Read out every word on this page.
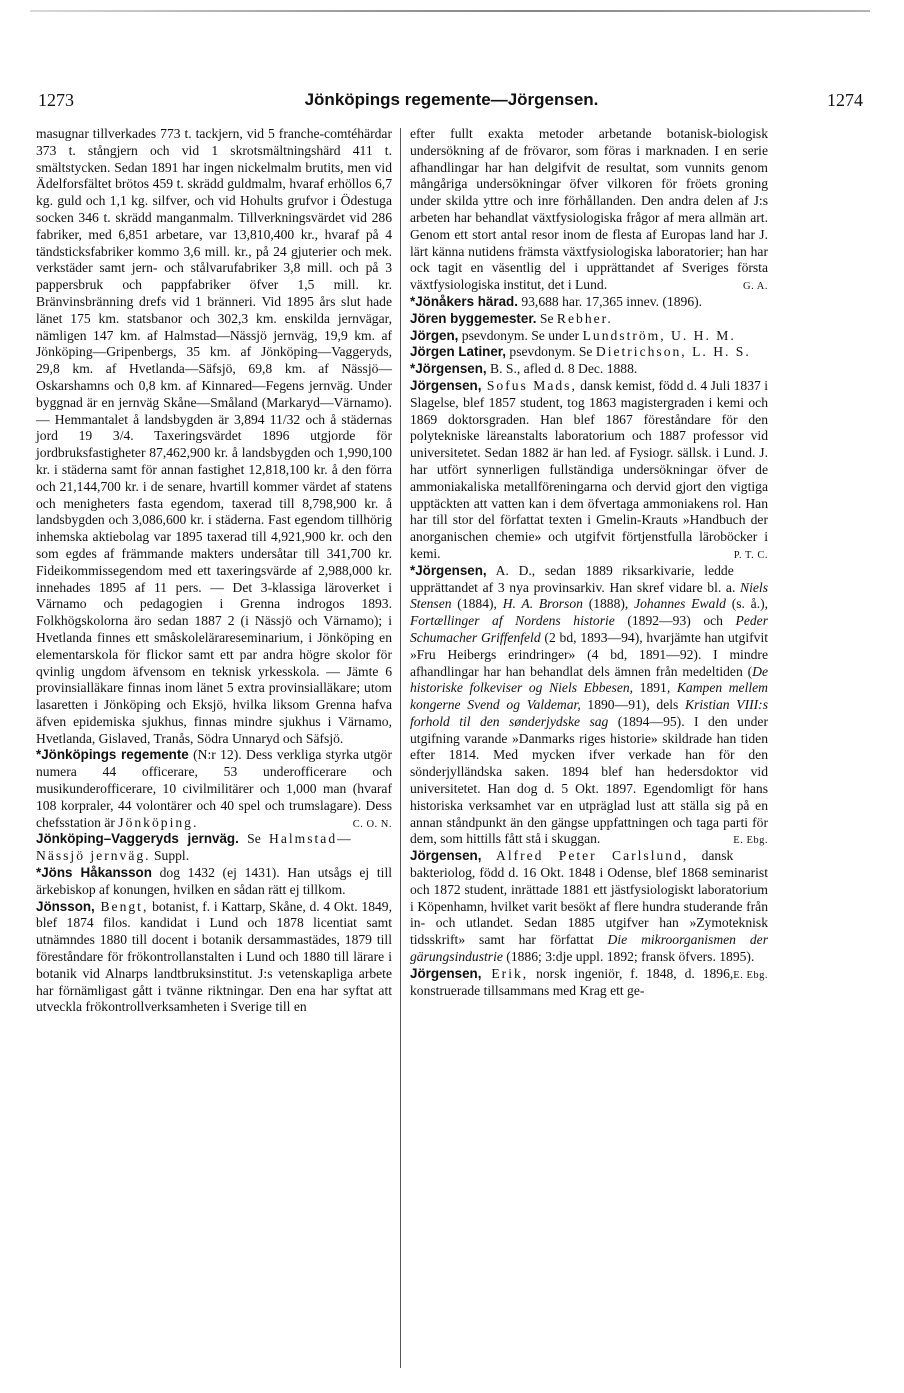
1273	Jönköpings regemente—Jörgensen.	1274

masugnar tillverkades 773 t. tackjern, vid 5 franche-comtéhärdar 373 t. stångjern och vid 1 skrotsmältningshärd 411 t. smältstycken. Sedan 1891 har ingen nickelmalm brutits, men vid Ädelforsfältet brötos 459 t. skrädd guldmalm, hvaraf erhöllos 6,7 kg. guld och 1,1 kg. silfver, och vid Hohults grufvor i Ödestuga socken 346 t. skrädd manganmalm. Tillverkningsvärdet vid 286 fabriker, med 6,851 arbetare, var 13,810,400 kr., hvaraf på 4 tändsticksfabriker kommo 3,6 mill. kr., på 24 gjuterier och mek. verkstäder samt jern- och stålvarufabriker 3,8 mill. och på 3 pappersbruk och pappfabriker öfver 1,5 mill. kr. Bränvinsbränning drefs vid 1 bränneri. Vid 1895 års slut hade länet 175 km. statsbanor och 302,3 km. enskilda jernvägar, nämligen 147 km. af Halmstad—Nässjö jernväg, 19,9 km. af Jönköping—Gripenbergs, 35 km. af Jönköping—Vaggeryds, 29,8 km. af Hvetlanda—Säfsjö, 69,8 km. af Nässjö—Oskarshamns och 0,8 km. af Kinnared—Fegens jernväg. Under byggnad är en jernväg Skåne—Småland (Markaryd—Värnamo). — Hemmantalet å landsbygden är 3,894 11/32 och å städernas jord 19 3/4. Taxeringsvärdet 1896 utgjorde för jordbruksfastigheter 87,462,900 kr. å landsbygden och 1,990,100 kr. i städerna samt för annan fastighet 12,818,100 kr. å den förra och 21,144,700 kr. i de senare, hvartill kommer värdet af statens och menigheters fasta egendom, taxerad till 8,798,900 kr. å landsbygden och 3,086,600 kr. i städerna. Fast egendom tillhörig inhemska aktiebolag var 1895 taxerad till 4,921,900 kr. och den som egdes af främmande makters undersåtar till 341,700 kr. Fideikommissegendom med ett taxeringsvärde af 2,988,000 kr. innehades 1895 af 11 pers. — Det 3-klassiga läroverket i Värnamo och pedagogien i Grenna indrogos 1893. Folkhögskolorna äro sedan 1887 2 (i Nässjö och Värnamo); i Hvetlanda finnes ett småskolelärareseminarium, i Jönköping en elementarskola för flickor samt ett par andra högre skolor för qvinlig ungdom äfvensom en teknisk yrkesskola. — Jämte 6 provinsialläkare finnas inom länet 5 extra provinsialläkare; utom lasaretten i Jönköping och Eksjö, hvilka liksom Grenna hafva äfven epidemiska sjukhus, finnas mindre sjukhus i Värnamo, Hvetlanda, Gislaved, Tranås, Södra Unnaryd och Säfsjö.

*Jönköpings regemente (N:r 12). Dess verkliga styrka utgör numera 44 officerare, 53 underofficerare och musikunderofficerare, 10 civilmilitärer och 1,000 man (hvaraf 108 korpraler, 44 volontärer och 40 spel och trumslagare). Dess chefsstation är Jönköping.	C. O. N.

Jönköping–Vaggeryds jernväg. Se Halmstad—Nässjö jernväg. Suppl.

*Jöns Håkansson dog 1432 (ej 1431). Han utsågs ej till ärkebiskop af konungen, hvilken en sådan rätt ej tillkom.

Jönsson, Bengt, botanist, f. i Kattarp, Skåne, d. 4 Okt. 1849, blef 1874 filos. kandidat i Lund och 1878 licentiat samt utnämndes 1880 till docent i botanik dersammastädes, 1879 till föreståndare för frökontrollanstalten i Lund och 1880 till lärare i botanik vid Alnarps landtbruksinstitut. J:s vetenskapliga arbete har förnämligast gått i tvänne riktningar. Den ena har syftat att utveckla frökontrollverksamheten i Sverige till en

efter fullt exakta metoder arbetande botanisk-biologisk undersökning af de frövaror, som föras i marknaden. I en serie afhandlingar har han delgifvit de resultat, som vunnits genom mångåriga undersökningar öfver vilkoren för fröets groning under skilda yttre och inre förhållanden. Den andra delen af J:s arbeten har behandlat växtfysiologiska frågor af mera allmän art. Genom ett stort antal resor inom de flesta af Europas land har J. lärt känna nutidens främsta växtfysiologiska laboratorier; han har ock tagit en väsentlig del i upprättandet af Sveriges första växtfysiologiska institut, det i Lund.	G. A.

*Jönåkers härad. 93,688 har. 17,365 innev. (1896).

Jören byggemester. Se Rebher.

Jörgen, psevdonym. Se under Lundström, U. H. M.

Jörgen Latiner, psevdonym. Se Dietrichson, L. H. S.

*Jörgensen, B. S., afled d. 8 Dec. 1888.

Jörgensen, Sofus Mads, dansk kemist, född d. 4 Juli 1837 i Slagelse, blef 1857 student, tog 1863 magistergraden i kemi och 1869 doktorsgraden. Han blef 1867 föreståndare för den polytekniske läreanstalts laboratorium och 1887 professor vid universitetet. Sedan 1882 är han led. af Fysiogr. sällsk. i Lund. J. har utfört synnerligen fullständiga undersökningar öfver de ammoniakaliska metallföreningarna och dervid gjort den vigtiga upptäckten att vatten kan i dem öfvertaga ammoniakens rol. Han har till stor del författat texten i Gmelin-Krauts »Handbuch der anorganischen chemie» och utgifvit förtjenstfulla läroböcker i kemi.	P. T. C.

*Jörgensen, A. D., sedan 1889 riksarkivarie, ledde upprättandet af 3 nya provinsarkiv. Han skref vidare bl. a. Niels Stensen (1884), H. A. Brorson (1888), Johannes Ewald (s. å.), Fortællinger af Nordens historie (1892—93) och Peder Schumacher Griffenfeld (2 bd, 1893—94), hvarjämte han utgifvit »Fru Heibergs erindringer» (4 bd, 1891—92). I mindre afhandlingar har han behandlat dels ämnen från medeltiden (De historiske folkeviser og Niels Ebbesen, 1891, Kampen mellem kongerne Svend og Valdemar, 1890—91), dels Kristian VIII:s forhold til den sønderjydske sag (1894—95). I den under utgifning varande »Danmarks riges historie» skildrade han tiden efter 1814. Med mycken ifver verkade han för den sönderjylländska saken. 1894 blef han hedersdoktor vid universitetet. Han dog d. 5 Okt. 1897. Egendomligt för hans historiska verksamhet var en utpräglad lust att ställa sig på en annan ståndpunkt än den gängse uppfattningen och taga parti för dem, som hittills fått stå i skuggan.	E. Ebg.

Jörgensen, Alfred Peter Carlslund, dansk bakteriolog, född d. 16 Okt. 1848 i Odense, blef 1868 seminarist och 1872 student, inrättade 1881 ett jästfysiologiskt laboratorium i Köpenhamn, hvilket varit besökt af flere hundra studerande från in- och utlandet. Sedan 1885 utgifver han »Zymoteknisk tidsskrift» samt har författat Die mikroorganismen der gärungsindustrie (1886; 3:dje uppl. 1892; fransk öfvers. 1895).
E. Ebg.

Jörgensen, Erik, norsk ingeniör, f. 1848, d. 1896, konstruerade tillsammans med Krag ett ge-
